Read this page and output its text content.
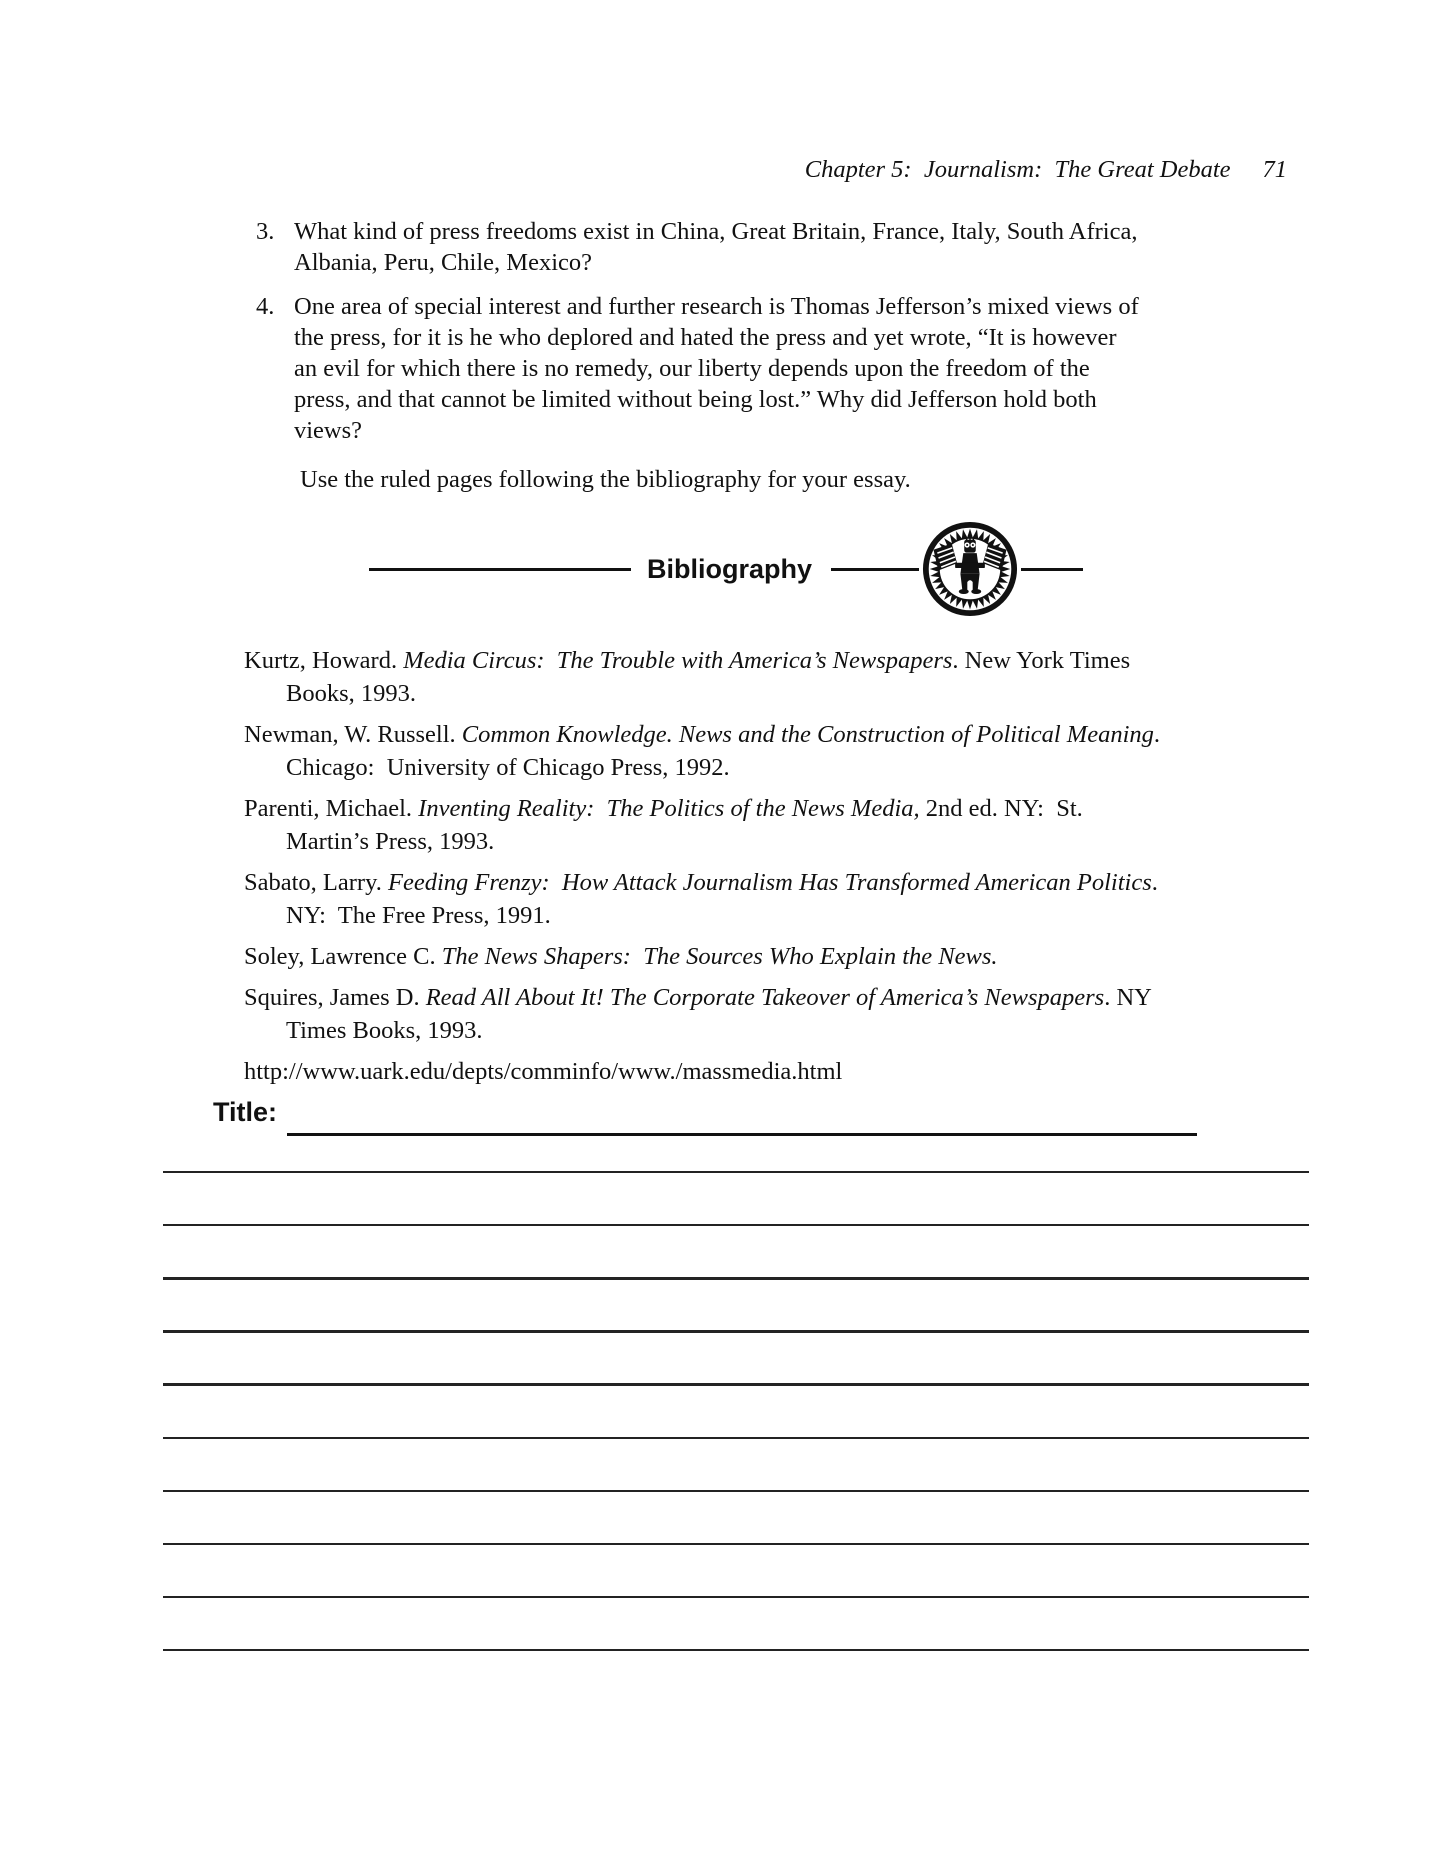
Chapter 5:  Journalism:  The Great Debate 71

3. What kind of press freedoms exist in China, Great Britain, France, Italy, South Africa, Albania, Peru, Chile, Mexico?
4. One area of special interest and further research is Thomas Jefferson’s mixed views of the press, for it is he who deplored and hated the press and yet wrote, “It is however an evil for which there is no remedy, our liberty depends upon the freedom of the press, and that cannot be limited without being lost.” Why did Jefferson hold both views?
Use the ruled pages following the bibliography for your essay.
Bibliography

Kurtz, Howard. Media Circus:  The Trouble with America’s Newspapers. New York Times Books, 1993.

Newman, W. Russell. Common Knowledge. News and the Construction of Political Meaning. Chicago:  University of Chicago Press, 1992.

Parenti, Michael. Inventing Reality:  The Politics of the News Media, 2nd ed. NY:  St. Martin’s Press, 1993.

Sabato, Larry. Feeding Frenzy:  How Attack Journalism Has Transformed American Politics. NY:  The Free Press, 1991.

Soley, Lawrence C. The News Shapers:  The Sources Who Explain the News.

Squires, James D. Read All About It! The Corporate Takeover of America’s Newspapers. NY Times Books, 1993.

http://www.uark.edu/depts/comminfo/www./massmedia.html

Title:
